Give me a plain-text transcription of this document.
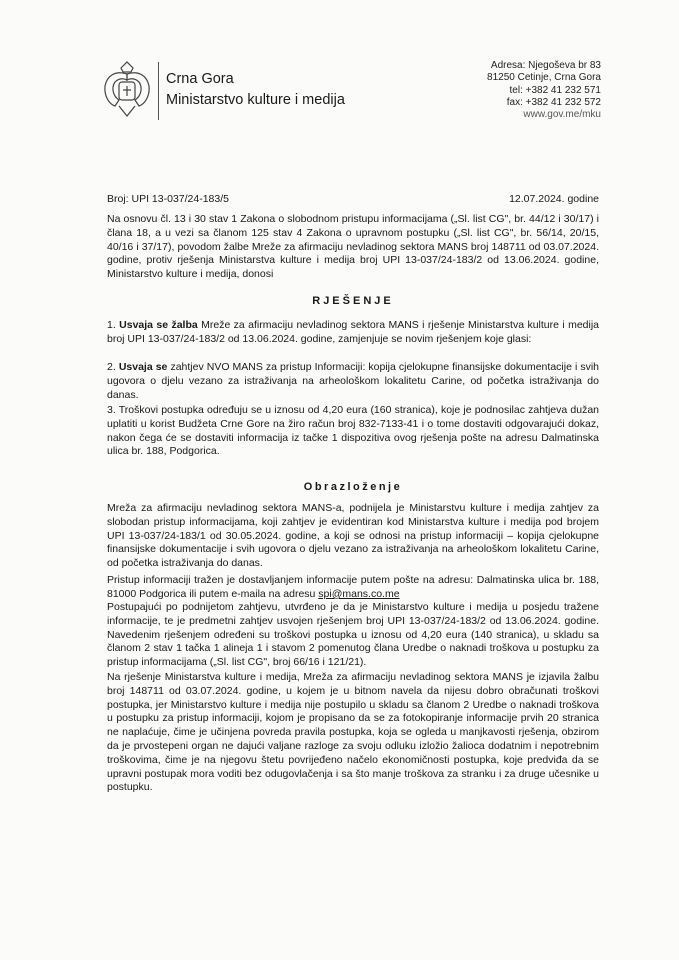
Crna Gora
Ministarstvo kulture i medija
Adresa: Njegoševa br 83
81250 Cetinje, Crna Gora
tel: +382 41 232 571
fax: +382 41 232 572
www.gov.me/mku
Broj: UPI 13-037/24-183/5	12.07.2024. godine
Na osnovu čl. 13 i 30 stav 1 Zakona o slobodnom pristupu informacijama („Sl. list CG", br. 44/12 i 30/17) i člana 18, a u vezi sa članom 125 stav 4 Zakona o upravnom postupku („Sl. list CG", br. 56/14, 20/15, 40/16 i 37/17), povodom žalbe Mreže za afirmaciju nevladinog sektora MANS broj 148711 od 03.07.2024. godine, protiv rješenja Ministarstva kulture i medija broj UPI 13-037/24-183/2 od 13.06.2024. godine, Ministarstvo kulture i medija, donosi
RJEŠENJE
1. Usvaja se žalba Mreže za afirmaciju nevladinog sektora MANS i rješenje Ministarstva kulture i medija broj UPI 13-037/24-183/2 od 13.06.2024. godine, zamjenjuje se novim rješenjem koje glasi:
2. Usvaja se zahtjev NVO MANS za pristup Informaciji: kopija cjelokupne finansijske dokumentacije i svih ugovora o djelu vezano za istraživanja na arheološkom lokalitetu Carine, od početka istraživanja do danas.
3. Troškovi postupka određuju se u iznosu od 4,20 eura (160 stranica), koje je podnosilac zahtjeva dužan uplatiti u korist Budžeta Crne Gore na žiro račun broj 832-7133-41 i o tome dostaviti odgovarajući dokaz, nakon čega će se dostaviti informacija iz tačke 1 dispozitiva ovog rješenja pošte na adresu Dalmatinska ulica br. 188, Podgorica.
Obrazloženje
Mreža za afirmaciju nevladinog sektora MANS-a, podnijela je Ministarstvu kulture i medija zahtjev za slobodan pristup informacijama, koji zahtjev je evidentiran kod Ministarstva kulture i medija pod brojem UPI 13-037/24-183/1 od 30.05.2024. godine, a koji se odnosi na pristup informaciji – kopija cjelokupne finansijske dokumentacije i svih ugovora o djelu vezano za istraživanja na arheološkom lokalitetu Carine, od početka istraživanja do danas.
Pristup informaciji tražen je dostavljanjem informacije putem pošte na adresu: Dalmatinska ulica br. 188, 81000 Podgorica ili putem e-maila na adresu spi@mans.co.me
Postupajući po podnijetom zahtjevu, utvrđeno je da je Ministarstvo kulture i medija u posjedu tražene informacije, te je predmetni zahtjev usvojen rješenjem broj UPI 13-037/24-183/2 od 13.06.2024. godine. Navedenim rješenjem određeni su troškovi postupka u iznosu od 4,20 eura (140 stranica), u skladu sa članom 2 stav 1 tačka 1 alineja 1 i stavom 2 pomenutog člana Uredbe o naknadi troškova u postupku za pristup informacijama („Sl. list CG", broj 66/16 i 121/21).
Na rješenje Ministarstva kulture i medija, Mreža za afirmaciju nevladinog sektora MANS je izjavila žalbu broj 148711 od 03.07.2024. godine, u kojem je u bitnom navela da nijesu dobro obračunati troškovi postupka, jer Ministarstvo kulture i medija nije postupilo u skladu sa članom 2 Uredbe o naknadi troškova u postupku za pristup informaciji, kojom je propisano da se za fotokopiranje informacije prvih 20 stranica ne naplaćuje, čime je učinjena povreda pravila postupka, koja se ogleda u manjkavosti rješenja, obzirom da je prvostepeni organ ne dajući valjane razloge za svoju odluku izložio žalioca dodatnim i nepotrebnim troškovima, čime je na njegovu štetu povrijeđeno načelo ekonomičnosti postupka, koje predviđa da se upravni postupak mora voditi bez odugovlačenja i sa što manje troškova za stranku i za druge učesnike u postupku.
